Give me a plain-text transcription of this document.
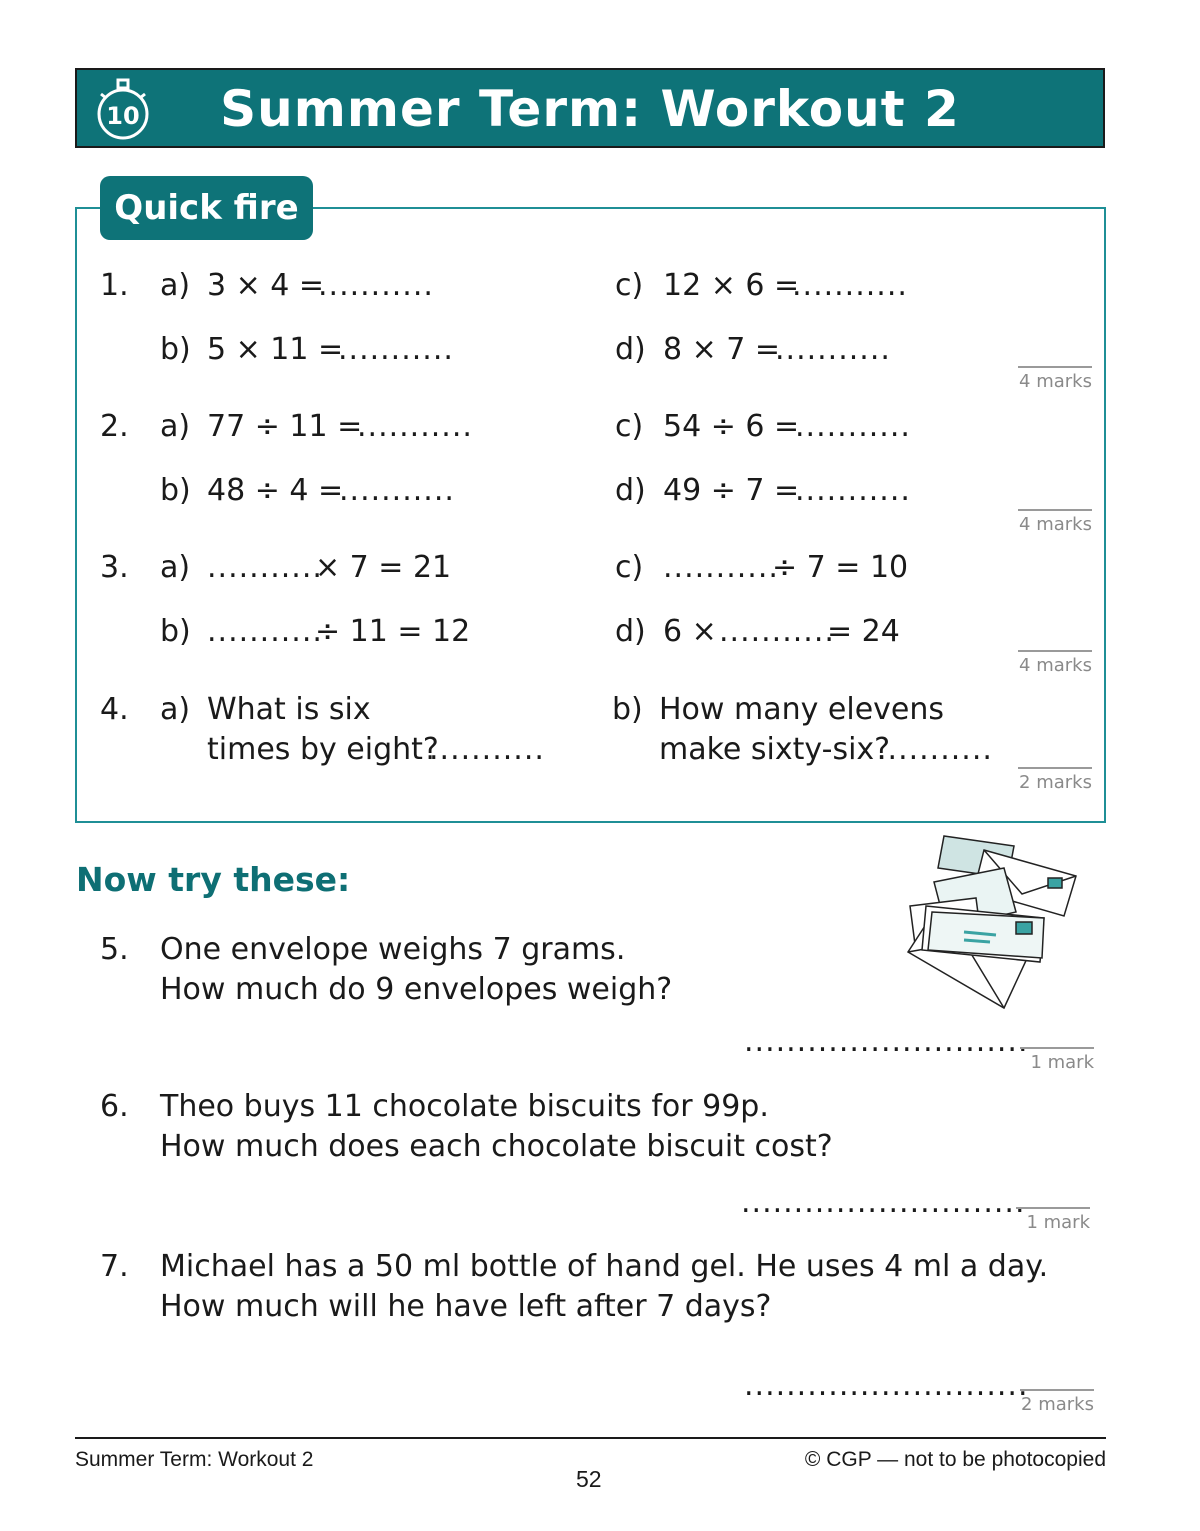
10	Summer Term: Workout 2
Quick fire
1. a) 3 × 4 =
...........	c) 12 × 6 =
...........
b) 5 × 11 =
...........	d) 8 × 7 =
...........
4 marks
2. a) 77 ÷ 11 =
...........	c) 54 ÷ 6 =
...........
b) 48 ÷ 4 =
...........	d) 49 ÷ 7 =
...........
4 marks
3. a) ...........
× 7 = 21	c) ...........
÷ 7 = 10
b) ...........
÷ 11 = 12	d) 6 × ...........
= 24
4 marks
4. a) What is six
times by eight?
...........
b) How many elevens
make sixty-six?
...........
2 marks
Now try these:
5. One envelope weighs 7 grams.
How much do 9 envelopes weigh?
...........................
1 mark
6. Theo buys 11 chocolate biscuits for 99p.
How much does each chocolate biscuit cost?
...........................
1 mark
7. Michael has a 50 ml bottle of hand gel. He uses 4 ml a day.
How much will he have left after 7 days?
...........................
2 marks
Summer Term: Workout 2
52
© CGP — not to be photocopied
